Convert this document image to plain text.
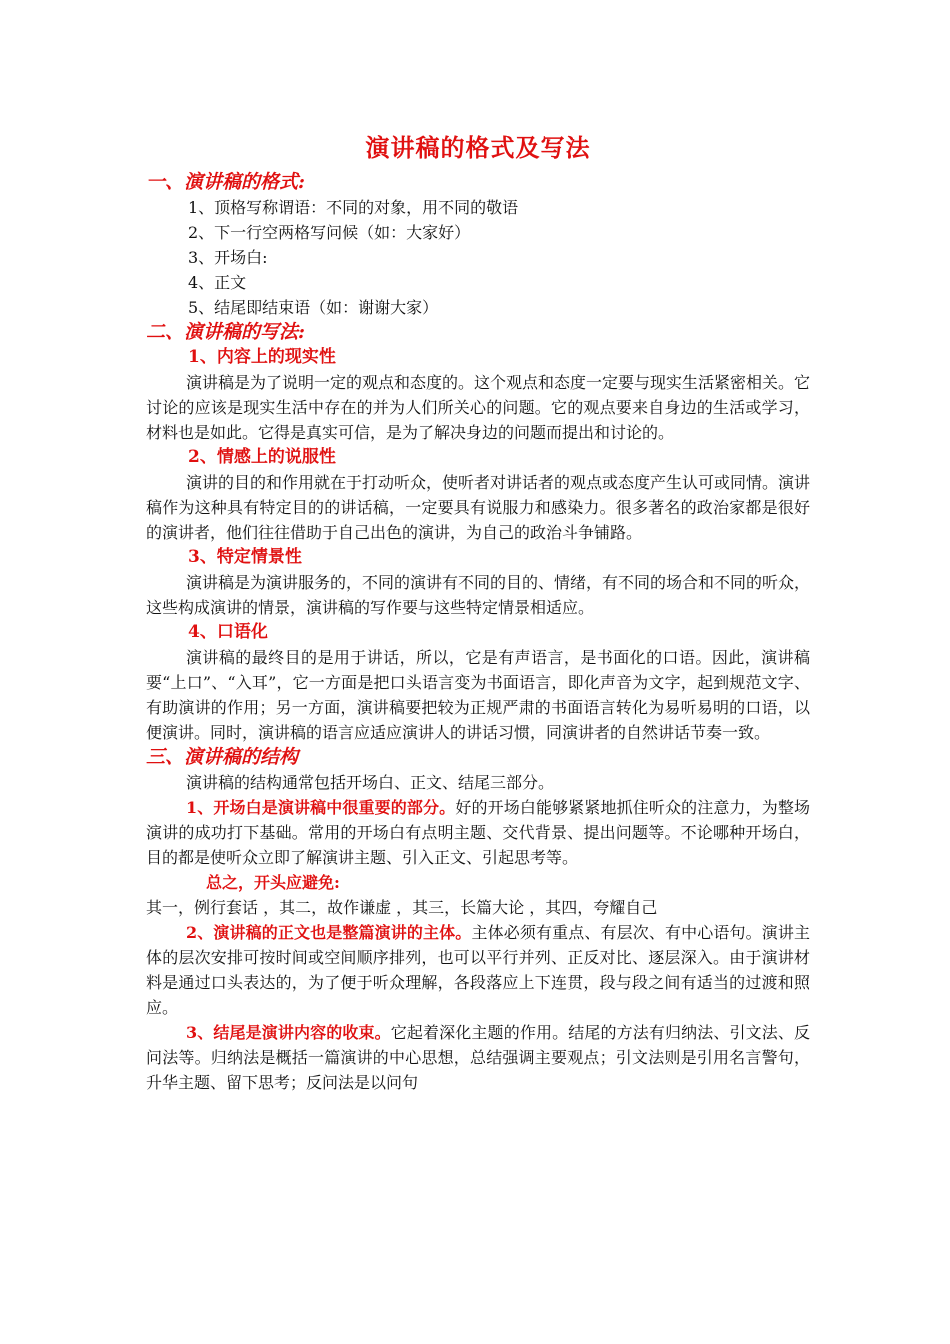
演讲稿的格式及写法
一、演讲稿的格式:
1、顶格写称谓语：不同的对象，用不同的敬语
2、下一行空两格写问候（如：大家好）
3、开场白:
4、正文
5、结尾即结束语（如：谢谢大家）
二、演讲稿的写法:
1、内容上的现实性

演讲稿是为了说明一定的观点和态度的。这个观点和态度一定要与现实生活紧密相关。它讨论的应该是现实生活中存在的并为人们所关心的问题。它的观点要来自身边的生活或学习，材料也是如此。它得是真实可信，是为了解决身边的问题而提出和讨论的。

2、情感上的说服性

演讲的目的和作用就在于打动听众，使听者对讲话者的观点或态度产生认可或同情。演讲稿作为这种具有特定目的的讲话稿，一定要具有说服力和感染力。很多著名的政治家都是很好的演讲者，他们往往借助于自己出色的演讲，为自己的政治斗争铺路。

3、特定情景性

演讲稿是为演讲服务的，不同的演讲有不同的目的、情绪，有不同的场合和不同的听众，这些构成演讲的情景，演讲稿的写作要与这些特定情景相适应。

4、口语化

演讲稿的最终目的是用于讲话，所以，它是有声语言，是书面化的口语。因此，演讲稿要“上口”、“入耳”，它一方面是把口头语言变为书面语言，即化声音为文字，起到规范文字、有助演讲的作用；另一方面，演讲稿要把较为正规严肃的书面语言转化为易听易明的口语，以便演讲。同时，演讲稿的语言应适应演讲人的讲话习惯，同演讲者的自然讲话节奏一致。

三、演讲稿的结构

演讲稿的结构通常包括开场白、正文、结尾三部分。

1、开场白是演讲稿中很重要的部分。好的开场白能够紧紧地抓住听众的注意力，为整场演讲的成功打下基础。常用的开场白有点明主题、交代背景、提出问题等。不论哪种开场白，目的都是使听众立即了解演讲主题、引入正文、引起思考等。

总之，开头应避免:
其一，例行套话 ，其二，故作谦虚 ，其三，长篇大论 ，其四，夸耀自己

2、演讲稿的正文也是整篇演讲的主体。主体必须有重点、有层次、有中心语句。演讲主体的层次安排可按时间或空间顺序排列，也可以平行并列、正反对比、逐层深入。由于演讲材料是通过口头表达的，为了便于听众理解，各段落应上下连贯，段与段之间有适当的过渡和照应。

3、结尾是演讲内容的收束。它起着深化主题的作用。结尾的方法有归纳法、引文法、反问法等。归纳法是概括一篇演讲的中心思想，总结强调主要观点；引文法则是引用名言警句，升华主题、留下思考；反问法是以问句
